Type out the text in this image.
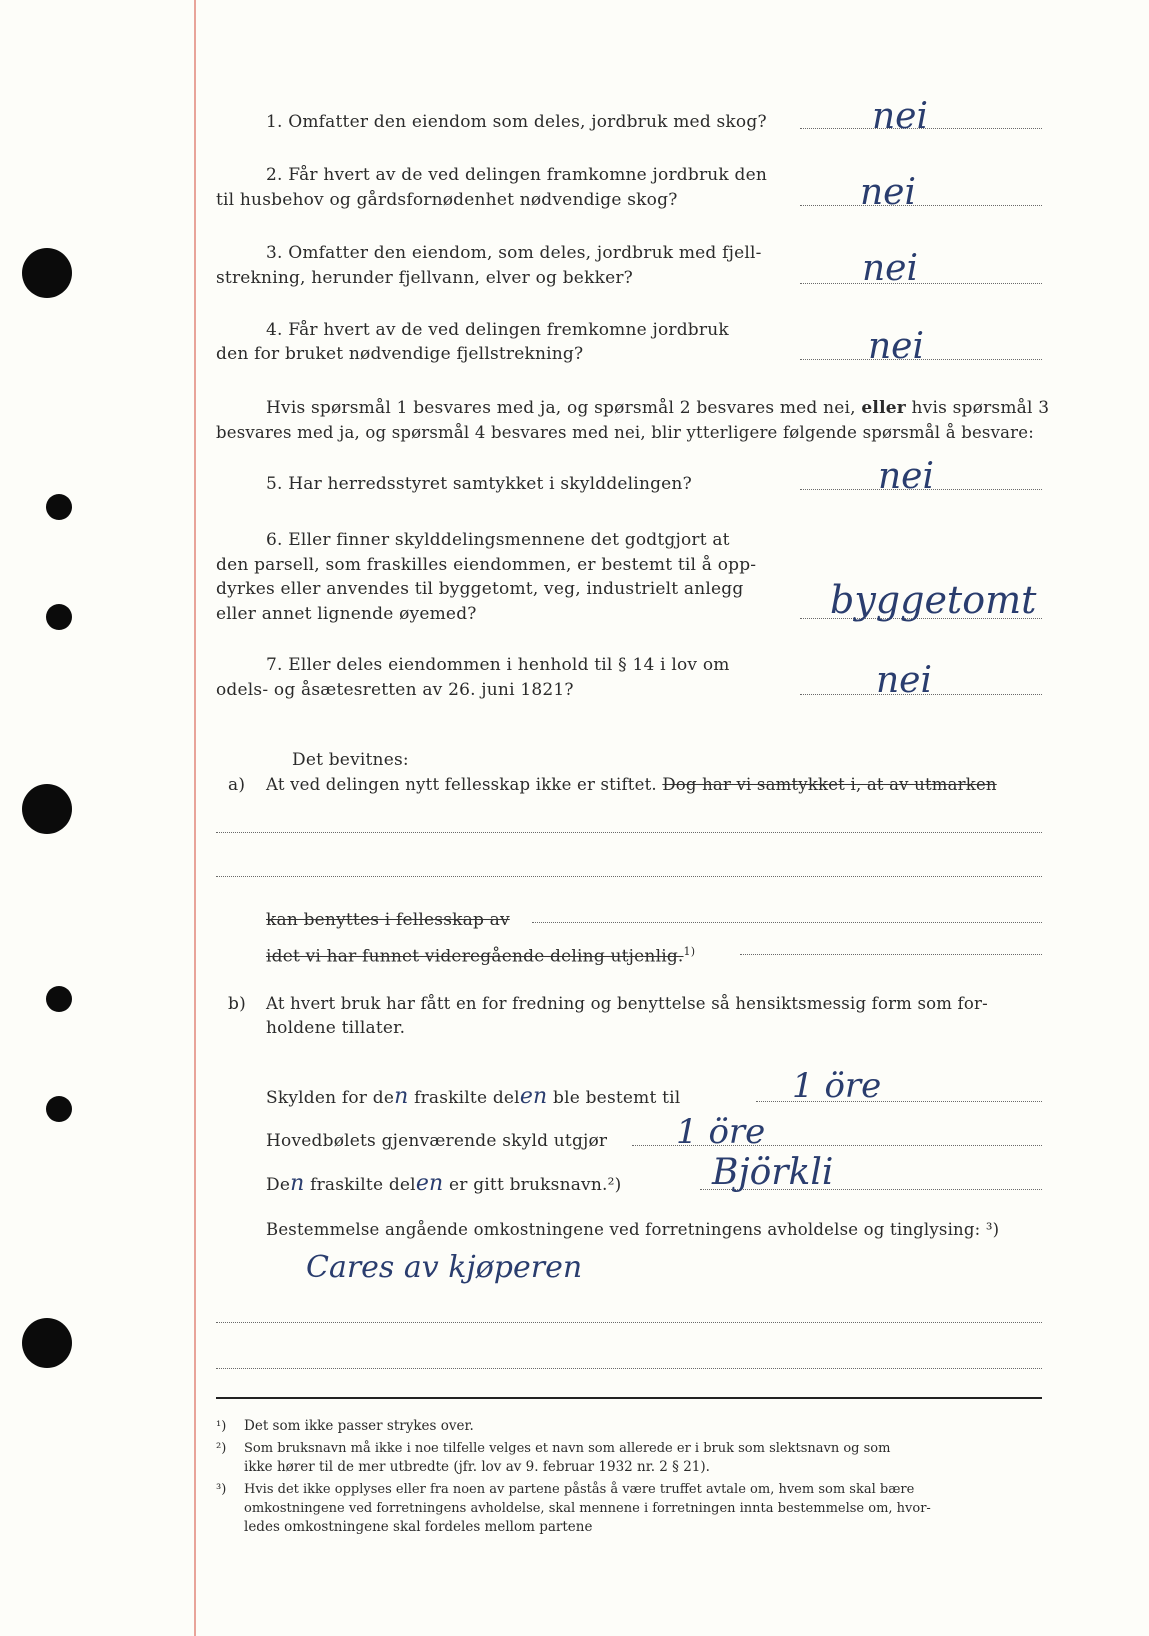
1. Omfatter den eiendom som deles, jordbruk med skog?	nei
2. Får hvert av de ved delingen framkomne jordbruk den
til husbehov og gårdsfornødenhet nødvendige skog?	nei
3. Omfatter den eiendom, som deles, jordbruk med fjell-
strekning, herunder fjellvann, elver og bekker?	nei
4. Får hvert av de ved delingen fremkomne jordbruk
den for bruket nødvendige fjellstrekning?	nei
Hvis spørsmål 1 besvares med ja, og spørsmål 2 besvares med nei, eller hvis spørsmål 3
besvares med ja, og spørsmål 4 besvares med nei, blir ytterligere følgende spørsmål å besvare:
5. Har herredsstyret samtykket i skylddelingen?	nei
6. Eller finner skylddelingsmennene det godtgjort at
den parsell, som fraskilles eiendommen, er bestemt til å opp-
dyrkes eller anvendes til byggetomt, veg, industrielt anlegg
eller annet lignende øyemed?	byggetomt
7. Eller deles eiendommen i henhold til § 14 i lov om
odels- og åsætesretten av 26. juni 1821?	nei
Det bevitnes:
a) At ved delingen nytt fellesskap ikke er stiftet. Dog har vi samtykket i, at av utmarken
kan benyttes i fellesskap av
idet vi har funnet videregående deling utjenlig.$^{1)}$
b) At hvert bruk har fått en for fredning og benyttelse så hensiktsmessig form som for-
holdene tillater.
Skylden for den fraskilte delen ble bestemt til	1 öre
Hovedbølets gjenværende skyld utgjør 1 öre
Den fraskilte delen er gitt bruksnavn.²)	Björkli
Bestemmelse angående omkostningene ved forretningens avholdelse og tinglysing: ³)
Cares av kjøperen
¹) Det som ikke passer strykes over.
²) Som bruksnavn må ikke i noe tilfelle velges et navn som allerede er i bruk som slektsnavn og som
ikke hører til de mer utbredte (jfr. lov av 9. februar 1932 nr. 2 § 21).
³) Hvis det ikke opplyses eller fra noen av partene påstås å være truffet avtale om, hvem som skal bære
omkostningene ved forretningens avholdelse, skal mennene i forretningen innta bestemmelse om, hvor-
ledes omkostningene skal fordeles mellom partene
